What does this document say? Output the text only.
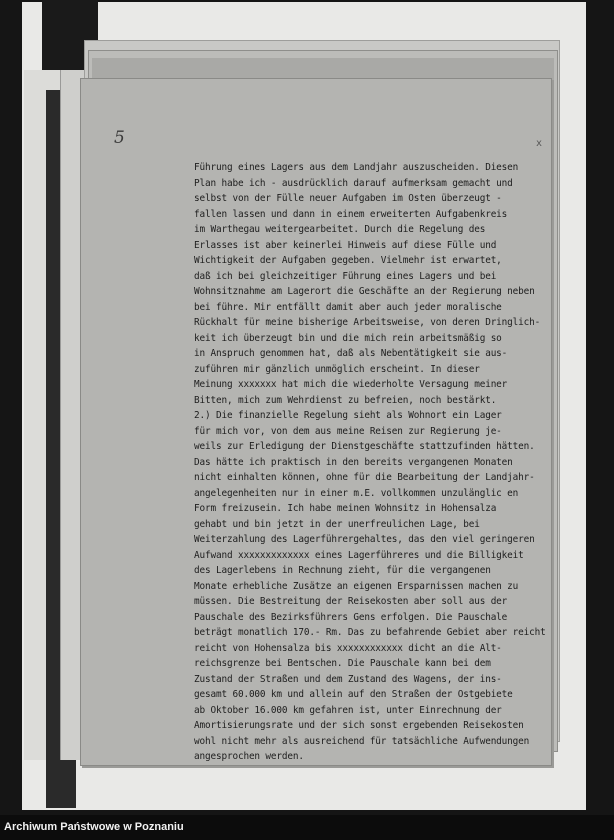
5	x
Führung eines Lagers aus dem Landjahr auszuscheiden. Diesen
Plan habe ich - ausdrücklich darauf aufmerksam gemacht und
selbst von der Fülle neuer Aufgaben im Osten überzeugt -
fallen lassen und dann in einem erweiterten Aufgabenkreis
im Warthegau weitergearbeitet. Durch die Regelung des
Erlasses ist aber keinerlei Hinweis auf diese Fülle und
Wichtigkeit der Aufgaben gegeben. Vielmehr ist erwartet,
daß ich bei gleichzeitiger Führung eines Lagers und bei
Wohnsitznahme am Lagerort die Geschäfte an der Regierung neben
bei führe. Mir entfällt damit aber auch jeder moralische
Rückhalt für meine bisherige Arbeitsweise, von deren Dringlich-
keit ich überzeugt bin und die mich rein arbeitsmäßig so
in Anspruch genommen hat, daß als Nebentätigkeit sie aus-
zuführen mir gänzlich unmöglich erscheint. In dieser
Meinung xxxxxxx hat mich die wiederholte Versagung meiner
Bitten, mich zum Wehrdienst zu befreien, noch bestärkt.
2.) Die finanzielle Regelung sieht als Wohnort ein Lager
für mich vor, von dem aus meine Reisen zur Regierung je-
weils zur Erledigung der Dienstgeschäfte stattzufinden hätten.
Das hätte ich praktisch in den bereits vergangenen Monaten
nicht einhalten können, ohne für die Bearbeitung der Landjahr-
angelegenheiten nur in einer m.E. vollkommen unzulänglic en
Form freizusein. Ich habe meinen Wohnsitz in Hohensalza
gehabt und bin jetzt in der unerfreulichen Lage, bei
Weiterzahlung des Lagerführergehaltes, das den viel geringeren
Aufwand xxxxxxxxxxxxx eines Lagerführeres und die Billigkeit
des Lagerlebens in Rechnung zieht, für die vergangenen
Monate erhebliche Zusätze an eigenen Ersparnissen machen zu
müssen. Die Bestreitung der Reisekosten aber soll aus der
Pauschale des Bezirksführers Gens erfolgen. Die Pauschale
beträgt monatlich 170.- Rm. Das zu befahrende Gebiet aber reicht
reicht von Hohensalza bis xxxxxxxxxxxx dicht an die Alt-
reichsgrenze bei Bentschen. Die Pauschale kann bei dem
Zustand der Straßen und dem Zustand des Wagens, der ins-
gesamt 60.000 km und allein auf den Straßen der Ostgebiete
ab Oktober 16.000 km gefahren ist, unter Einrechnung der
Amortisierungsrate und der sich sonst ergebenden Reisekosten
wohl nicht mehr als ausreichend für tatsächliche Aufwendungen
angesprochen werden.
Archiwum Państwowe w Poznaniu
